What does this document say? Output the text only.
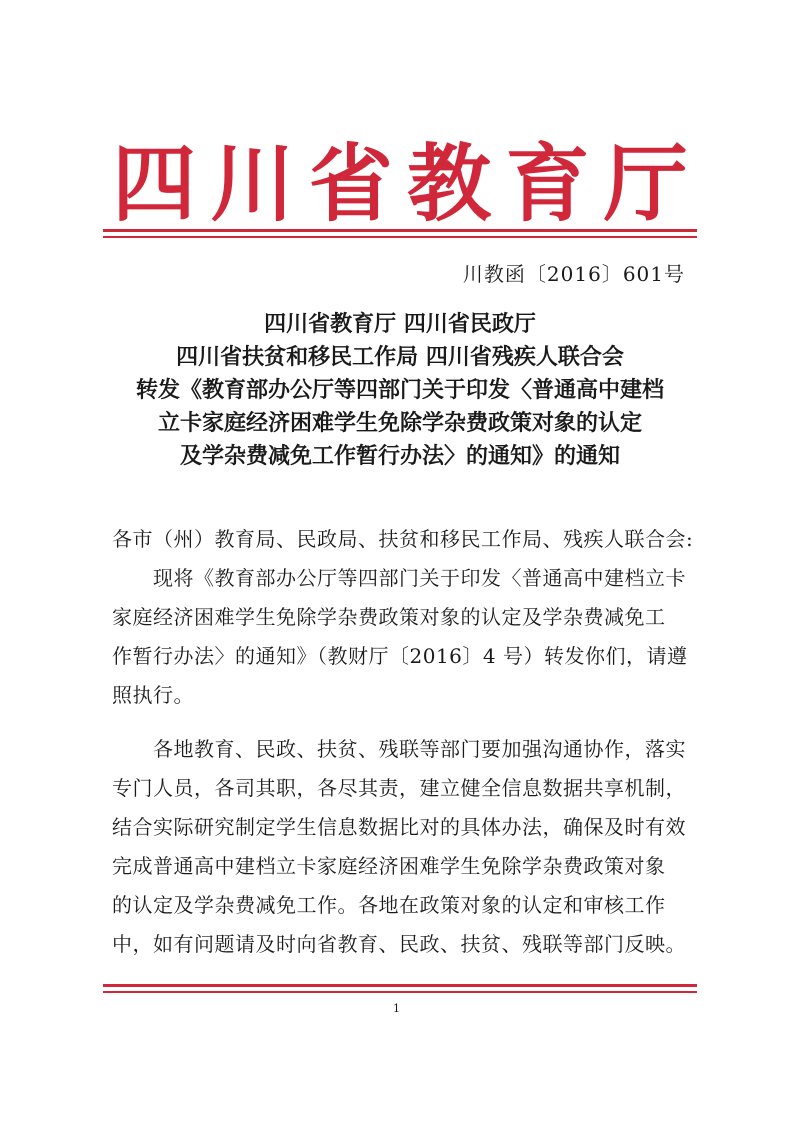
四 川 省 教 育 厅
川教函〔2016〕601号
四川省教育厅 四川省民政厅
四川省扶贫和移民工作局 四川省残疾人联合会
转发《教育部办公厅等四部门关于印发〈普通高中建档
立卡家庭经济困难学生免除学杂费政策对象的认定
及学杂费减免工作暂行办法〉的通知》的通知
各市（州）教育局、民政局、扶贫和移民工作局、残疾人联合会:
　　现将《教育部办公厅等四部门关于印发〈普通高中建档立卡
家庭经济困难学生免除学杂费政策对象的认定及学杂费减免工
作暂行办法〉的通知》（教财厅〔2016〕4 号）转发你们，请遵
照执行。
　　各地教育、民政、扶贫、残联等部门要加强沟通协作，落实
专门人员，各司其职，各尽其责，建立健全信息数据共享机制，
结合实际研究制定学生信息数据比对的具体办法，确保及时有效
完成普通高中建档立卡家庭经济困难学生免除学杂费政策对象
的认定及学杂费减免工作。各地在政策对象的认定和审核工作
中，如有问题请及时向省教育、民政、扶贫、残联等部门反映。
1
